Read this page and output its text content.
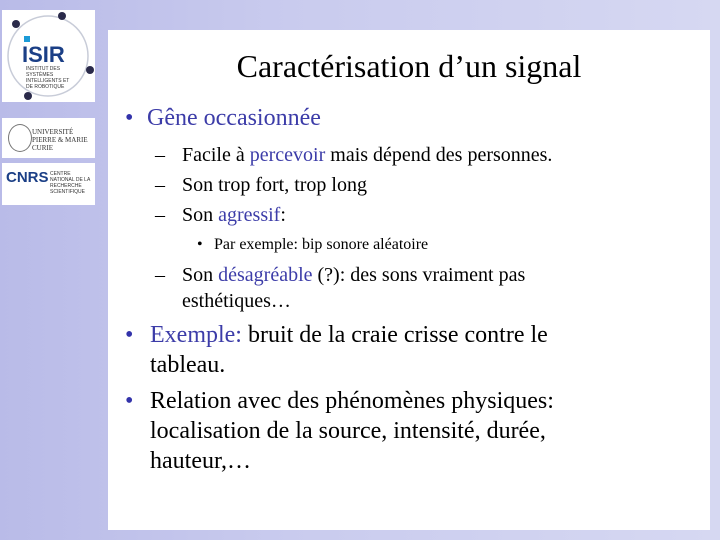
ISIR
INSTITUT DES SYSTÈMES INTELLIGENTS ET DE ROBOTIQUE
UNIVERSITÉ PIERRE & MARIE CURIE
CNRS CENTRE NATIONAL DE LA RECHERCHE SCIENTIFIQUE
Caractérisation d’un signal
• Gêne occasionnée
– Facile à percevoir mais dépend des personnes.
– Son trop fort, trop long
– Son agressif:
• Par exemple: bip sonore aléatoire
– Son désagréable (?): des sons vraiment pas
esthétiques…
• Exemple: bruit de la craie crisse contre le
tableau.
• Relation avec des phénomènes physiques:
localisation de la source, intensité, durée,
hauteur,…
